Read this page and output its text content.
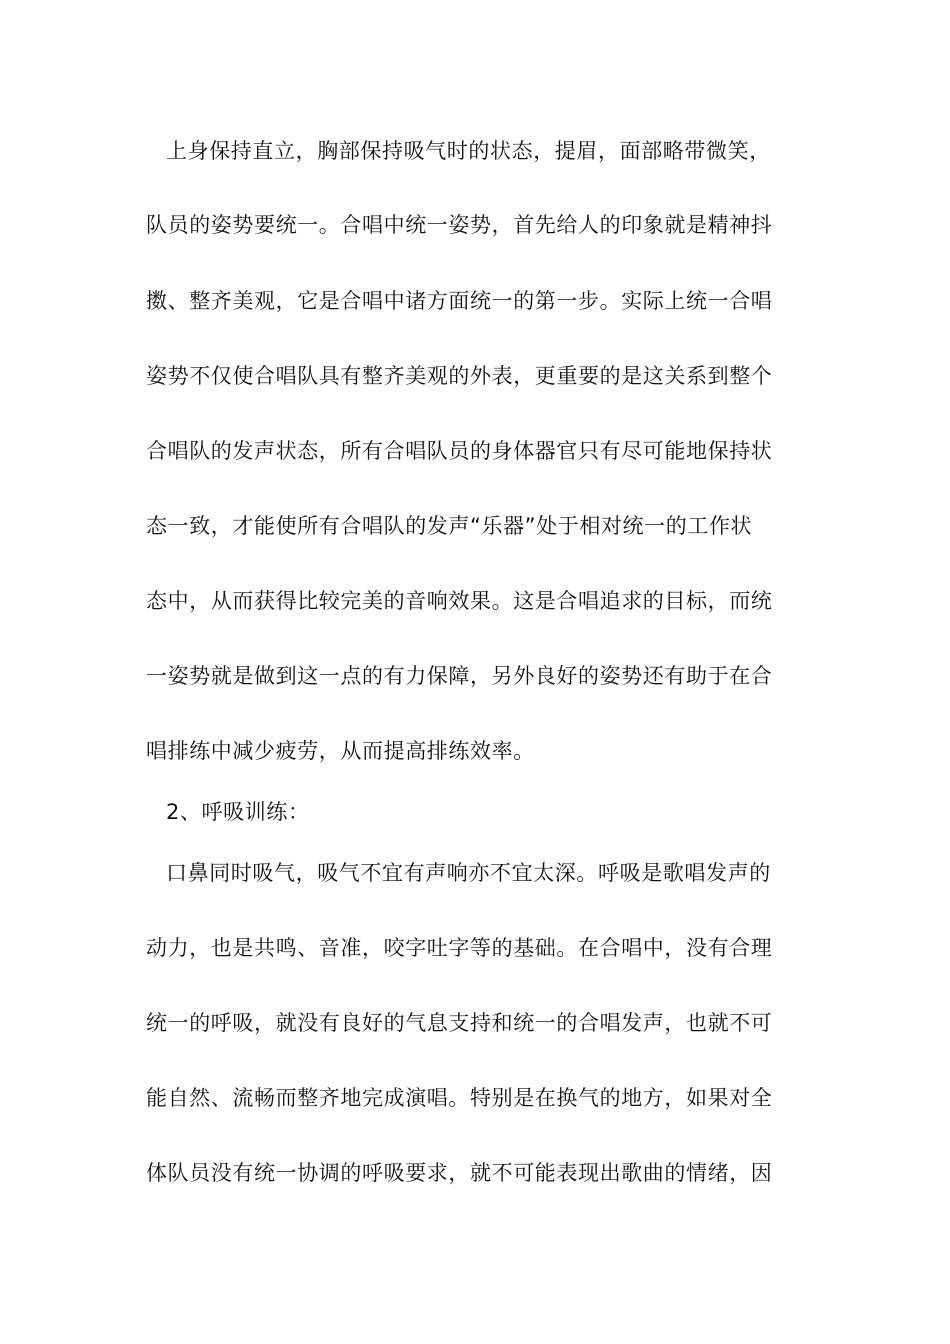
上身保持直立，胸部保持吸气时的状态，提眉，面部略带微笑，
队员的姿势要统一。合唱中统一姿势，首先给人的印象就是精神抖
擞、整齐美观，它是合唱中诸方面统一的第一步。实际上统一合唱
姿势不仅使合唱队具有整齐美观的外表，更重要的是这关系到整个
合唱队的发声状态，所有合唱队员的身体器官只有尽可能地保持状
态一致，才能使所有合唱队的发声“乐器”处于相对统一的工作状
态中，从而获得比较完美的音响效果。这是合唱追求的目标，而统
一姿势就是做到这一点的有力保障，另外良好的姿势还有助于在合
唱排练中减少疲劳，从而提高排练效率。
2、呼吸训练：
口鼻同时吸气，吸气不宜有声响亦不宜太深。呼吸是歌唱发声的
动力，也是共鸣、音准，咬字吐字等的基础。在合唱中，没有合理
统一的呼吸，就没有良好的气息支持和统一的合唱发声，也就不可
能自然、流畅而整齐地完成演唱。特别是在换气的地方，如果对全
体队员没有统一协调的呼吸要求，就不可能表现出歌曲的情绪，因
